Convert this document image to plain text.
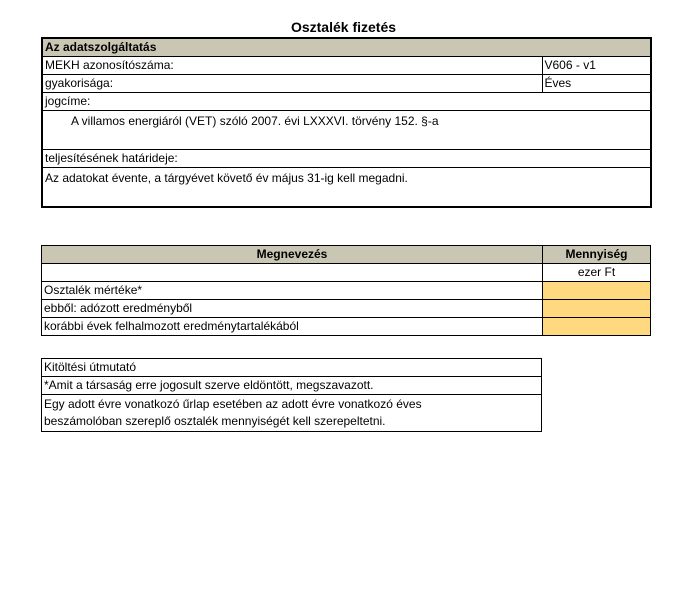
Osztalék fizetés
Az adatszolgáltatás	
MEKH azonosítószáma:	V606 - v1
gyakorisága:	Éves
jogcíme:	
A villamos energiáról (VET) szóló 2007. évi LXXXVI. törvény 152. §-a	
teljesítésének határideje:	
Az adatokat évente, a tárgyévet követő év május 31-ig kell megadni.	
Megnevezés	Mennyiség
	ezer Ft
Osztalék mértéke*	
ebből: adózott eredményből	
korábbi évek felhalmozott eredménytartalékából	
Kitöltési útmutató
*Amit a társaság erre jogosult szerve eldöntött, megszavazott.

Egy adott évre vonatkozó űrlap esetében az adott évre vonatkozó éves
beszámolóban szereplő osztalék mennyiségét kell szerepeltetni.
